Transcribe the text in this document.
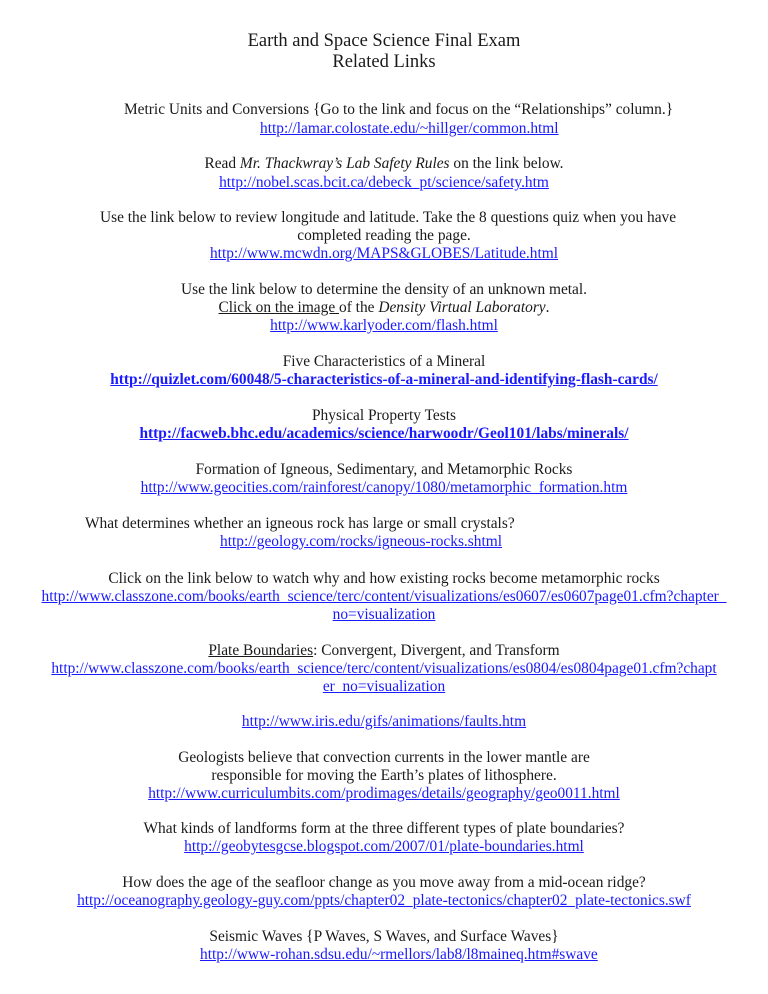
Earth and Space Science Final Exam
Related Links
Metric Units and Conversions {Go to the link and focus on the “Relationships” column.}
http://lamar.colostate.edu/~hillger/common.html
Read Mr. Thackwray’s Lab Safety Rules on the link below.
http://nobel.scas.bcit.ca/debeck_pt/science/safety.htm
Use the link below to review longitude and latitude. Take the 8 questions quiz when you have
completed reading the page.
http://www.mcwdn.org/MAPS&GLOBES/Latitude.html
Use the link below to determine the density of an unknown metal.
Click on the image of the Density Virtual Laboratory.
http://www.karlyoder.com/flash.html
Five Characteristics of a Mineral
http://quizlet.com/60048/5-characteristics-of-a-mineral-and-identifying-flash-cards/
Physical Property Tests
http://facweb.bhc.edu/academics/science/harwoodr/Geol101/labs/minerals/
Formation of Igneous, Sedimentary, and Metamorphic Rocks
http://www.geocities.com/rainforest/canopy/1080/metamorphic_formation.htm
What determines whether an igneous rock has large or small crystals?
http://geology.com/rocks/igneous-rocks.shtml
Click on the link below to watch why and how existing rocks become metamorphic rocks
http://www.classzone.com/books/earth_science/terc/content/visualizations/es0607/es0607page01.cfm?chapter_
no=visualization
Plate Boundaries: Convergent, Divergent, and Transform
http://www.classzone.com/books/earth_science/terc/content/visualizations/es0804/es0804page01.cfm?chapt
er_no=visualization
http://www.iris.edu/gifs/animations/faults.htm
Geologists believe that convection currents in the lower mantle are
responsible for moving the Earth’s plates of lithosphere.
http://www.curriculumbits.com/prodimages/details/geography/geo0011.html
What kinds of landforms form at the three different types of plate boundaries?
http://geobytesgcse.blogspot.com/2007/01/plate-boundaries.html
How does the age of the seafloor change as you move away from a mid-ocean ridge?
http://oceanography.geology-guy.com/ppts/chapter02_plate-tectonics/chapter02_plate-tectonics.swf
Seismic Waves {P Waves, S Waves, and Surface Waves}
http://www-rohan.sdsu.edu/~rmellors/lab8/l8maineq.htm#swave
